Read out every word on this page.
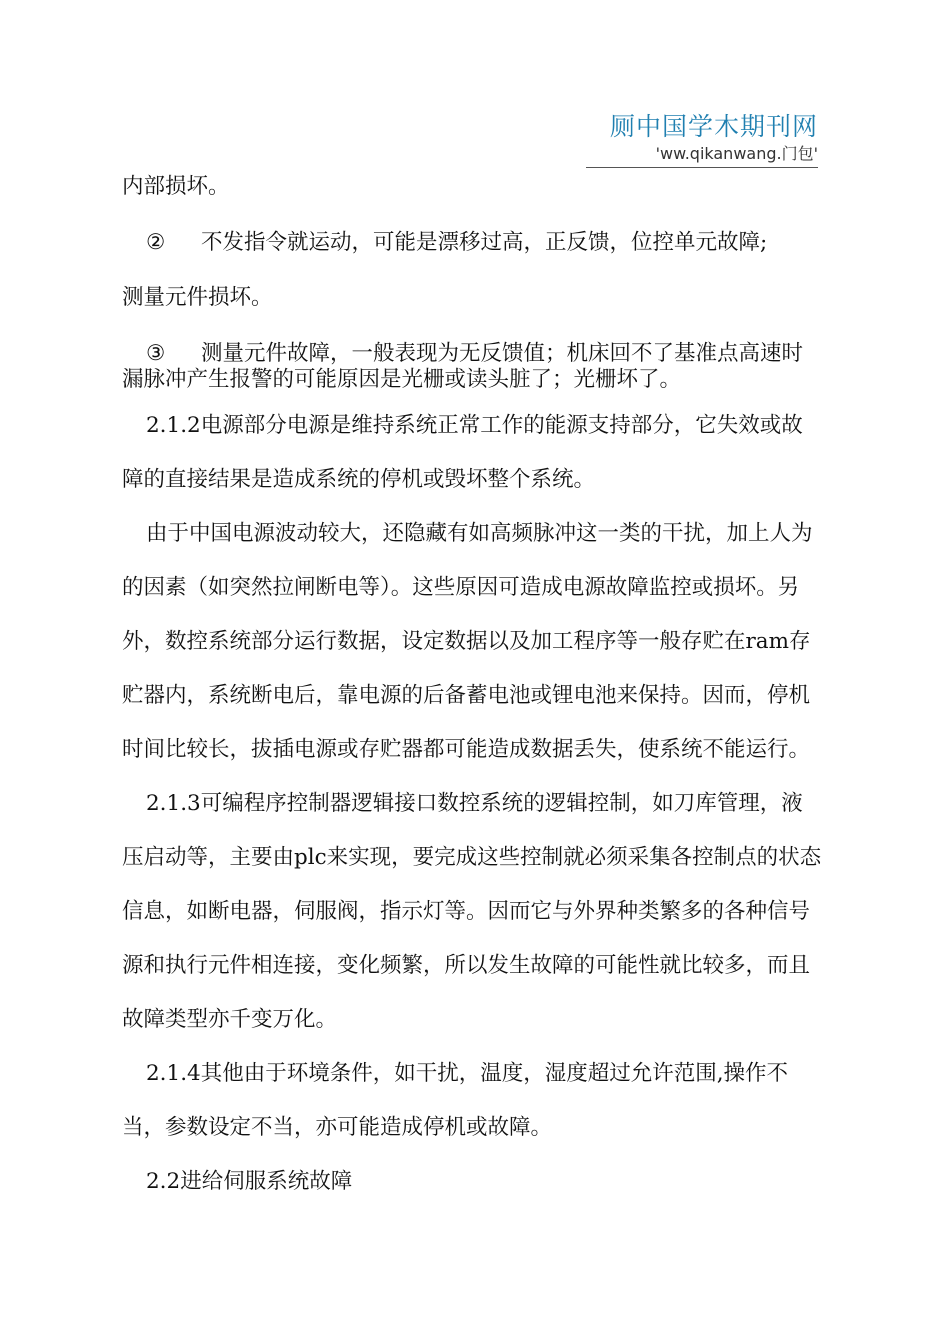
厕中国学木期刊网
'ww.qikanwang.门包'

内部损坏。

② 不发指令就运动，可能是漂移过高，正反馈，位控单元故障;

测量元件损坏。

③ 测量元件故障，一般表现为无反馈值；机床回不了基准点高速时漏脉冲产生报警的可能原因是光栅或读头脏了；光栅坏了。

2.1.2电源部分电源是维持系统正常工作的能源支持部分，它失效或故障的直接结果是造成系统的停机或毁坏整个系统。

由于中国电源波动较大，还隐藏有如高频脉冲这一类的干扰，加上人为的因素（如突然拉闸断电等）。这些原因可造成电源故障监控或损坏。另外，数控系统部分运行数据，设定数据以及加工程序等一般存贮在ram存贮器内，系统断电后，靠电源的后备蓄电池或锂电池来保持。因而，停机时间比较长，拔插电源或存贮器都可能造成数据丢失，使系统不能运行。

2.1.3可编程序控制器逻辑接口数控系统的逻辑控制，如刀库管理，液压启动等，主要由plc来实现，要完成这些控制就必须采集各控制点的状态信息，如断电器，伺服阀，指示灯等。因而它与外界种类繁多的各种信号源和执行元件相连接，变化频繁，所以发生故障的可能性就比较多，而且故障类型亦千变万化。

2.1.4其他由于环境条件，如干扰，温度，湿度超过允许范围,操作不当，参数设定不当，亦可能造成停机或故障。

2.2进给伺服系统故障
